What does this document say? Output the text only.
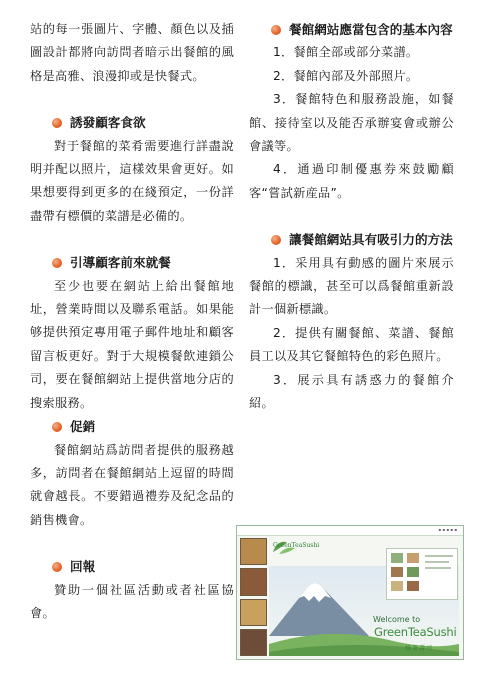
站的每一張圖片、字體、顏色以及插圖設計都將向訪問者暗示出餐館的風格是高雅、浪漫抑或是快餐式。

誘發顧客食欲

對于餐館的菜肴需要進行詳盡說明并配以照片，這樣效果會更好。如果想要得到更多的在綫預定，一份詳盡帶有標價的菜譜是必備的。

引導顧客前來就餐

至少也要在網站上給出餐館地址，營業時間以及聯系電話。如果能够提供預定專用電子郵件地址和顧客留言板更好。對于大規模餐飲連鎖公司，要在餐館網站上提供當地分店的搜索服務。

促銷

餐館網站爲訪問者提供的服務越多，訪問者在餐館網站上逗留的時間就會越長。不要錯過禮券及紀念品的銷售機會。

回報

贊助一個社區活動或者社區協會。

餐館網站應當包含的基本內容

1．餐館全部或部分菜譜。

2．餐館內部及外部照片。

3．餐館特色和服務設施，如餐館、接待室以及能否承辦宴會或辦公會議等。

4．通過印制優惠券來鼓勵顧客“嘗試新産品”。

讓餐館網站具有吸引力的方法

1．采用具有動感的圖片來展示餐館的標識，甚至可以爲餐館重新設計一個新標識。

2．提供有關餐館、菜譜、餐館員工以及其它餐館特色的彩色照片。

3．展示具有誘惑力的餐館介紹。

▪ ▪ ▪ ▪ ▪
GreenTeaSushi
Welcome to
GreenTeaSushi
綠茶壽司
